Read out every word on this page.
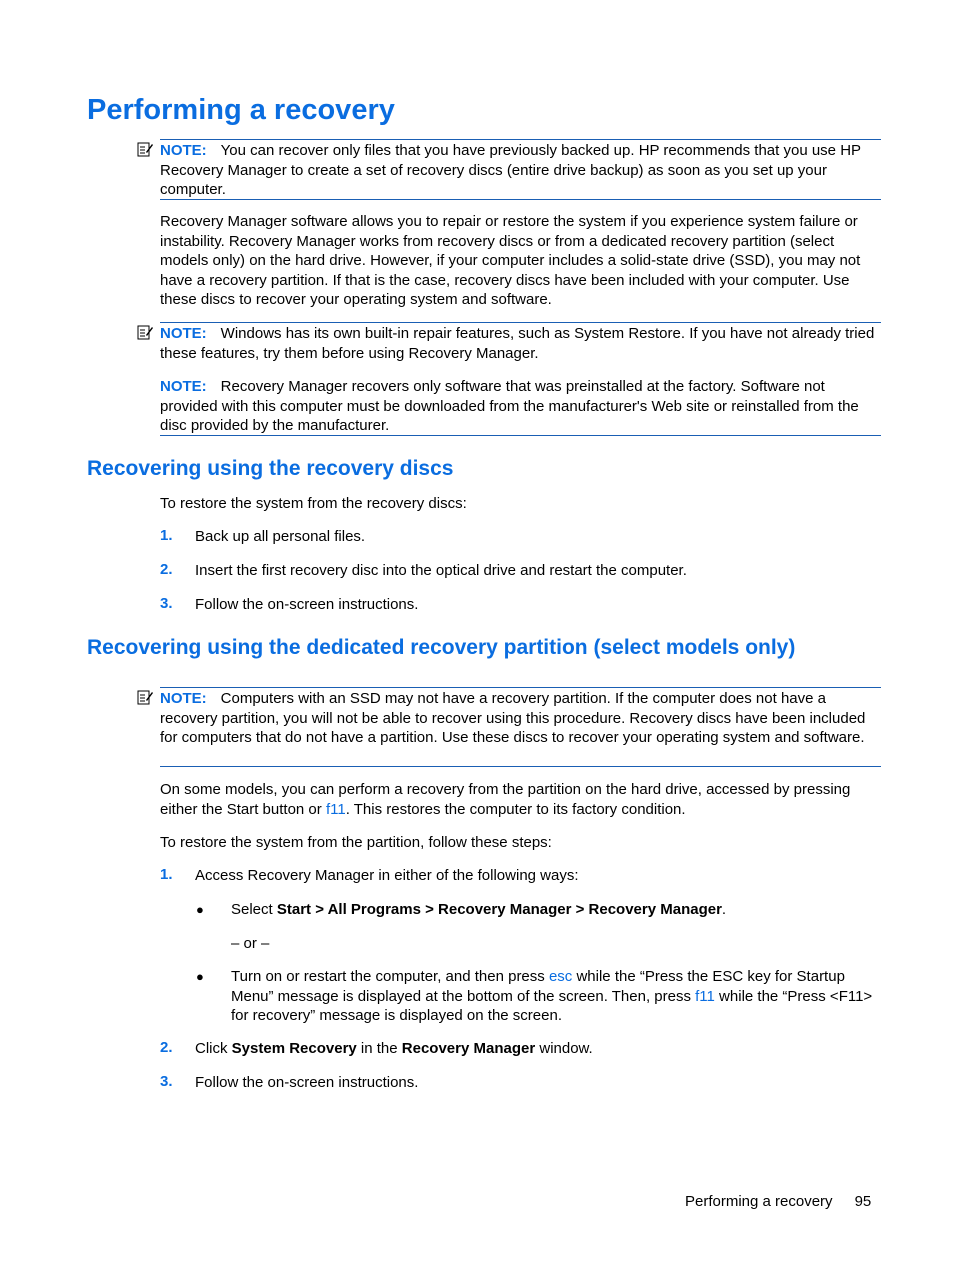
Performing a recovery
NOTE: You can recover only files that you have previously backed up. HP recommends that you use HP Recovery Manager to create a set of recovery discs (entire drive backup) as soon as you set up your computer.
Recovery Manager software allows you to repair or restore the system if you experience system failure or instability. Recovery Manager works from recovery discs or from a dedicated recovery partition (select models only) on the hard drive. However, if your computer includes a solid-state drive (SSD), you may not have a recovery partition. If that is the case, recovery discs have been included with your computer. Use these discs to recover your operating system and software.
NOTE: Windows has its own built-in repair features, such as System Restore. If you have not already tried these features, try them before using Recovery Manager.
NOTE: Recovery Manager recovers only software that was preinstalled at the factory. Software not provided with this computer must be downloaded from the manufacturer's Web site or reinstalled from the disc provided by the manufacturer.
Recovering using the recovery discs
To restore the system from the recovery discs:
1. Back up all personal files.
2. Insert the first recovery disc into the optical drive and restart the computer.
3. Follow the on-screen instructions.
Recovering using the dedicated recovery partition (select models only)
NOTE: Computers with an SSD may not have a recovery partition. If the computer does not have a recovery partition, you will not be able to recover using this procedure. Recovery discs have been included for computers that do not have a partition. Use these discs to recover your operating system and software.
On some models, you can perform a recovery from the partition on the hard drive, accessed by pressing either the Start button or f11. This restores the computer to its factory condition.
To restore the system from the partition, follow these steps:
1. Access Recovery Manager in either of the following ways:
● Select Start > All Programs > Recovery Manager > Recovery Manager.
– or –
● Turn on or restart the computer, and then press esc while the “Press the ESC key for Startup Menu” message is displayed at the bottom of the screen. Then, press f11 while the “Press <F11> for recovery” message is displayed on the screen.
2. Click System Recovery in the Recovery Manager window.
3. Follow the on-screen instructions.
Performing a recovery 95
